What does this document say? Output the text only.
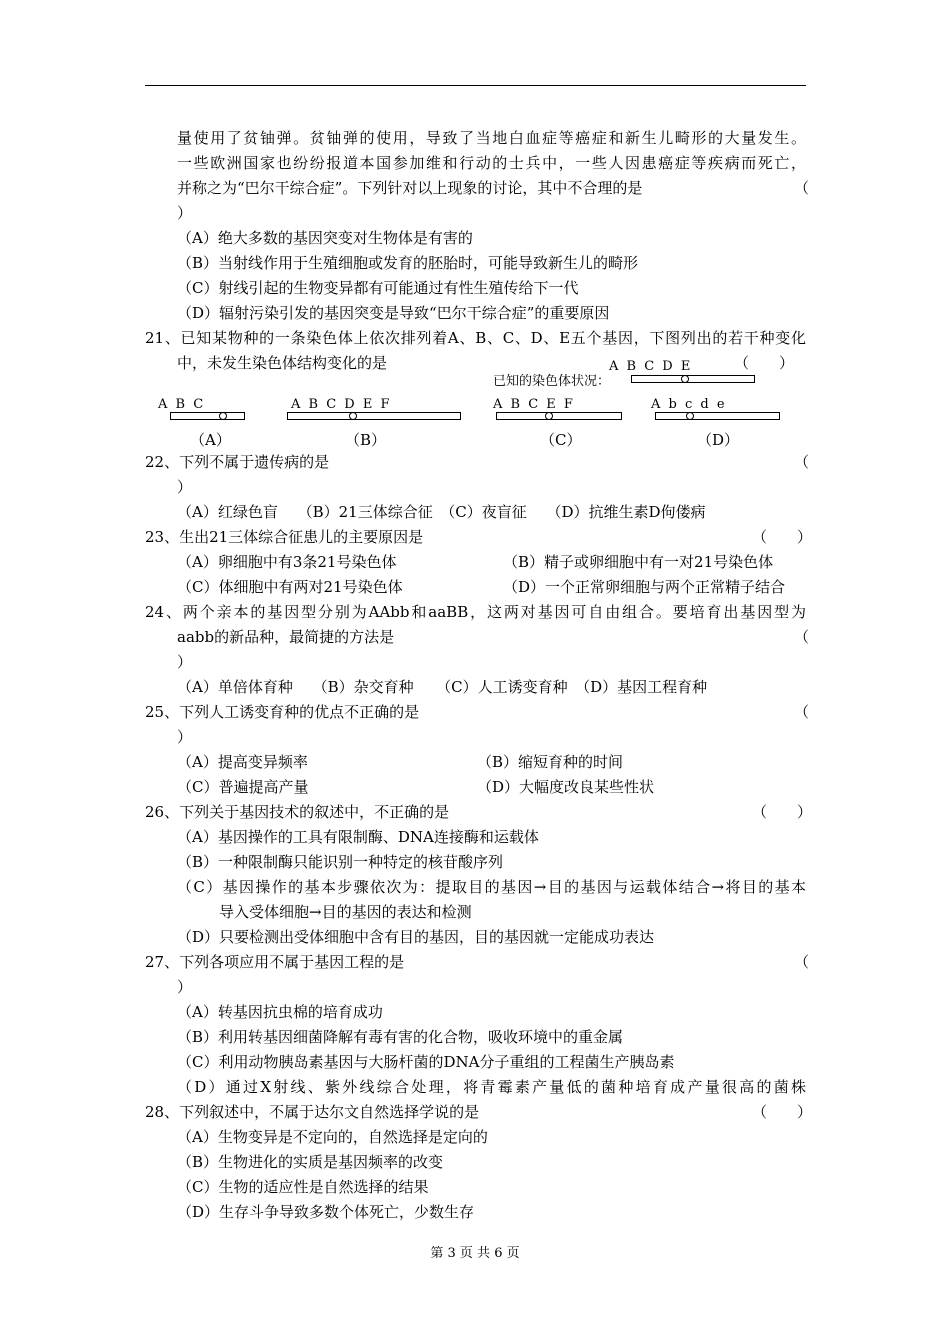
量使用了贫铀弹。贫铀弹的使用，导致了当地白血症等癌症和新生儿畸形的大量发生。
一些欧洲国家也纷纷报道本国参加维和行动的士兵中，一些人因患癌症等疾病而死亡，
并称之为“巴尔干综合症”。下列针对以上现象的讨论，其中不合理的是	（
）
（A）绝大多数的基因突变对生物体是有害的
（B）当射线作用于生殖细胞或发育的胚胎时，可能导致新生儿的畸形
（C）射线引起的生物变异都有可能通过有性生殖传给下一代
（D）辐射污染引发的基因突变是导致“巴尔干综合症”的重要原因
21、已知某物种的一条染色体上依次排列着A、B、C、D、E五个基因，下图列出的若干种变化
中，未发生染色体结构变化的是	（　　）
A B C D E
已知的染色体状况：
A B C
（A）
A B C D E F
（B）
A B C E F
（C）
A b c d e
（D）
22、下列不属于遗传病的是	（
）
（A）红绿色盲　 （B）21三体综合征　（C）夜盲征　 （D）抗维生素D佝偻病
23、生出21三体综合征患儿的主要原因是	（　　）
（A）卵细胞中有3条21号染色体	（B）精子或卵细胞中有一对21号染色体
（C）体细胞中有两对21号染色体	（D）一个正常卵细胞与两个正常精子结合
24、两个亲本的基因型分别为AAbb和aaBB，这两对基因可自由组合。要培育出基因型为
aabb的新品种，最简捷的方法是	（
）
（A）单倍体育种　 （B）杂交育种　　（C）人工诱变育种　（D）基因工程育种
25、下列人工诱变育种的优点不正确的是	（
）
（A）提高变异频率	（B）缩短育种的时间
（C）普遍提高产量	（D）大幅度改良某些性状
26、下列关于基因技术的叙述中，不正确的是	（　　）
（A）基因操作的工具有限制酶、DNA连接酶和运载体
（B）一种限制酶只能识别一种特定的核苷酸序列
（C）基因操作的基本步骤依次为：提取目的基因→目的基因与运载体结合→将目的基本
导入受体细胞→目的基因的表达和检测
（D）只要检测出受体细胞中含有目的基因，目的基因就一定能成功表达
27、下列各项应用不属于基因工程的是	（
）
（A）转基因抗虫棉的培育成功
（B）利用转基因细菌降解有毒有害的化合物，吸收环境中的重金属
（C）利用动物胰岛素基因与大肠杆菌的DNA分子重组的工程菌生产胰岛素
（D）通过X射线、紫外线综合处理，将青霉素产量低的菌种培育成产量很高的菌株
28、下列叙述中，不属于达尔文自然选择学说的是	（　　）
（A）生物变异是不定向的，自然选择是定向的
（B）生物进化的实质是基因频率的改变
（C）生物的适应性是自然选择的结果
（D）生存斗争导致多数个体死亡，少数生存
第 3 页 共 6 页
